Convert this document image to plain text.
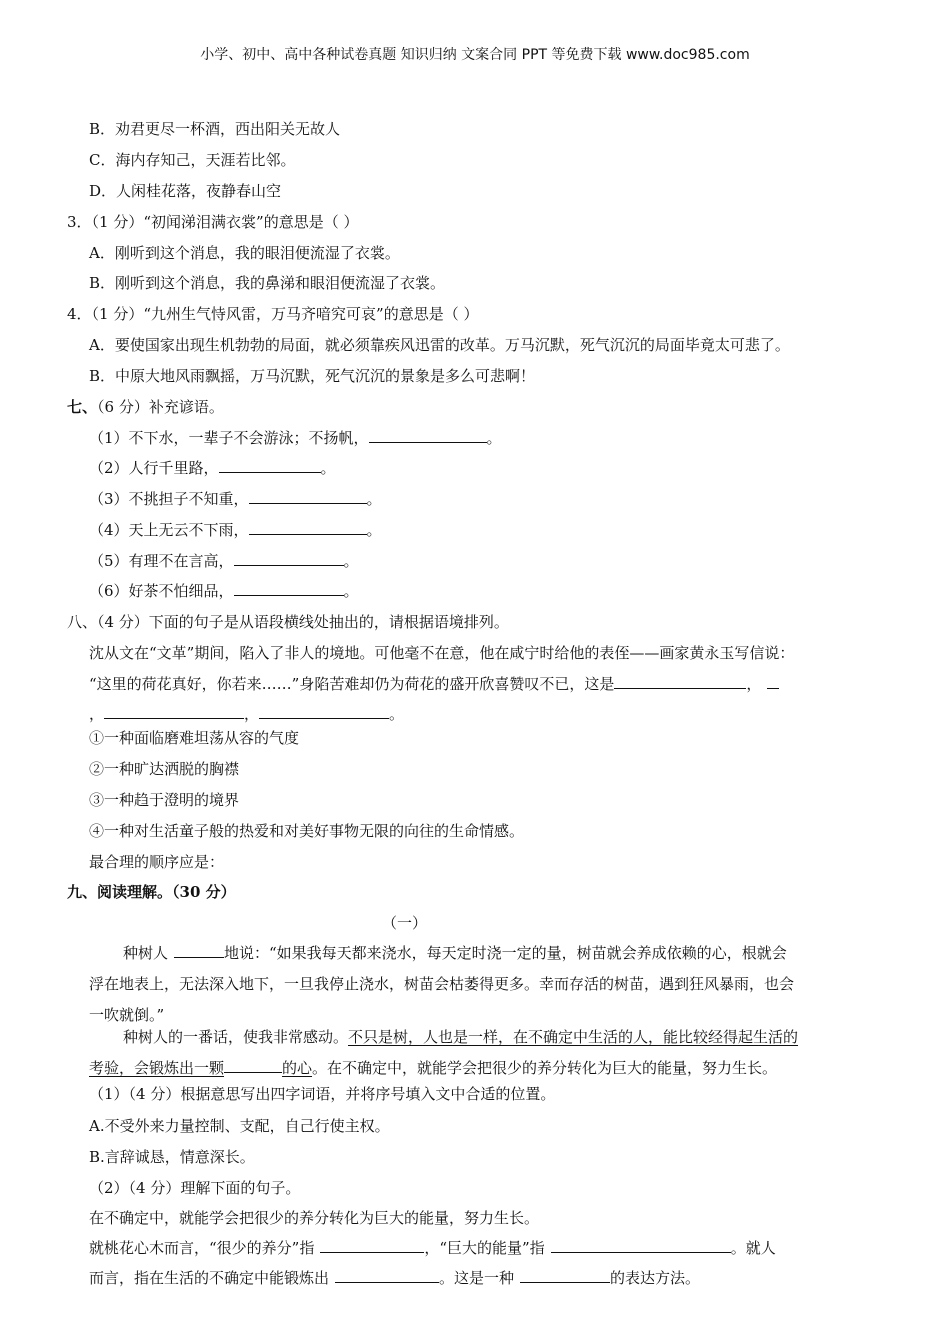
小学、初中、高中各种试卷真题 知识归纳 文案合同 PPT 等免费下载 www.doc985.com
B．劝君更尽一杯酒，西出阳关无故人
C．海内存知己，天涯若比邻。
D．人闲桂花落，夜静春山空
3．（1 分）“初闻涕泪满衣裳”的意思是（ ）
A．刚听到这个消息，我的眼泪便流湿了衣裳。
B．刚听到这个消息，我的鼻涕和眼泪便流湿了衣裳。
4．（1 分）“九州生气恃风雷，万马齐喑究可哀”的意思是（ ）
A．要使国家出现生机勃勃的局面，就必须靠疾风迅雷的改革。万马沉默，死气沉沉的局面毕竟太可悲了。
B．中原大地风雨飘摇，万马沉默，死气沉沉的景象是多么可悲啊！
七、（6 分）补充谚语。
（1）不下水，一辈子不会游泳；不扬帆，	。
（2）人行千里路，	。
（3）不挑担子不知重，	。
（4）天上无云不下雨，	。
（5）有理不在言高，	。
（6）好茶不怕细品，	。
八、（4 分）下面的句子是从语段横线处抽出的，请根据语境排列。
沈从文在“文革”期间，陷入了非人的境地。可他毫不在意，他在咸宁时给他的表侄——画家黄永玉写信说：
“这里的荷花真好，你若来……”身陷苦难却仍为荷花的盛开欣喜赞叹不已，这是	，
，	，	。
①一种面临磨难坦荡从容的气度
②一种旷达洒脱的胸襟
③一种趋于澄明的境界
④一种对生活童子般的热爱和对美好事物无限的向往的生命情感。
最合理的顺序应是：
九、阅读理解。（30 分）
（一）
种树人	地说：“如果我每天都来浇水，每天定时浇一定的量，树苗就会养成依赖的心，根就会
浮在地表上，无法深入地下，一旦我停止浇水，树苗会枯萎得更多。幸而存活的树苗，遇到狂风暴雨，也会
一吹就倒。”
种树人的一番话，使我非常感动。不只是树，人也是一样，在不确定中生活的人，能比较经得起生活的
考验，会锻炼出一颗	的心。在不确定中，就能学会把很少的养分转化为巨大的能量，努力生长。
（1）（4 分）根据意思写出四字词语，并将序号填入文中合适的位置。
A.不受外来力量控制、支配，自己行使主权。
B.言辞诚恳，情意深长。
（2）（4 分）理解下面的句子。
在不确定中，就能学会把很少的养分转化为巨大的能量，努力生长。
就桃花心木而言，“很少的养分”指	，“巨大的能量”指	。就人
而言，指在生活的不确定中能锻炼出	。这是一种	的表达方法。
